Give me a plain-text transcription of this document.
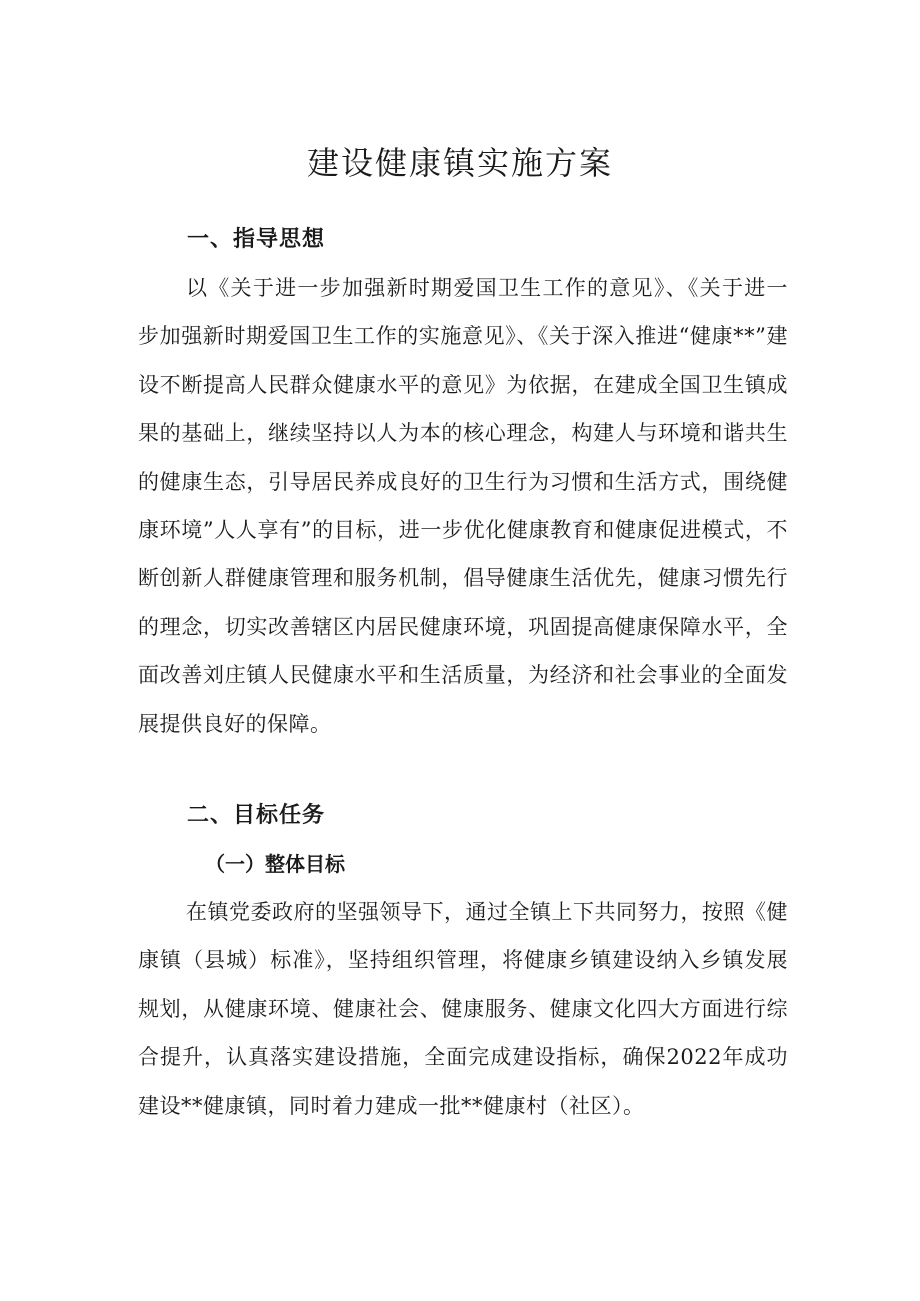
建设健康镇实施方案
一、指导思想

以《关于进一步加强新时期爱国卫生工作的意见》、《关于进一步加强新时期爱国卫生工作的实施意见》、《关于深入推进“健康**”建设不断提高人民群众健康水平的意见》为依据，在建成全国卫生镇成果的基础上，继续坚持以人为本的核心理念，构建人与环境和谐共生的健康生态，引导居民养成良好的卫生行为习惯和生活方式，围绕健康环境”人人享有”的目标，进一步优化健康教育和健康促进模式，不断创新人群健康管理和服务机制，倡导健康生活优先，健康习惯先行的理念，切实改善辖区内居民健康环境，巩固提高健康保障水平，全面改善刘庄镇人民健康水平和生活质量，为经济和社会事业的全面发展提供良好的保障。

二、目标任务
（一）整体目标

在镇党委政府的坚强领导下，通过全镇上下共同努力，按照《健康镇（县城）标准》，坚持组织管理，将健康乡镇建设纳入乡镇发展规划，从健康环境、健康社会、健康服务、健康文化四大方面进行综合提升，认真落实建设措施，全面完成建设指标，确保2022年成功建设**健康镇，同时着力建成一批**健康村（社区）。
